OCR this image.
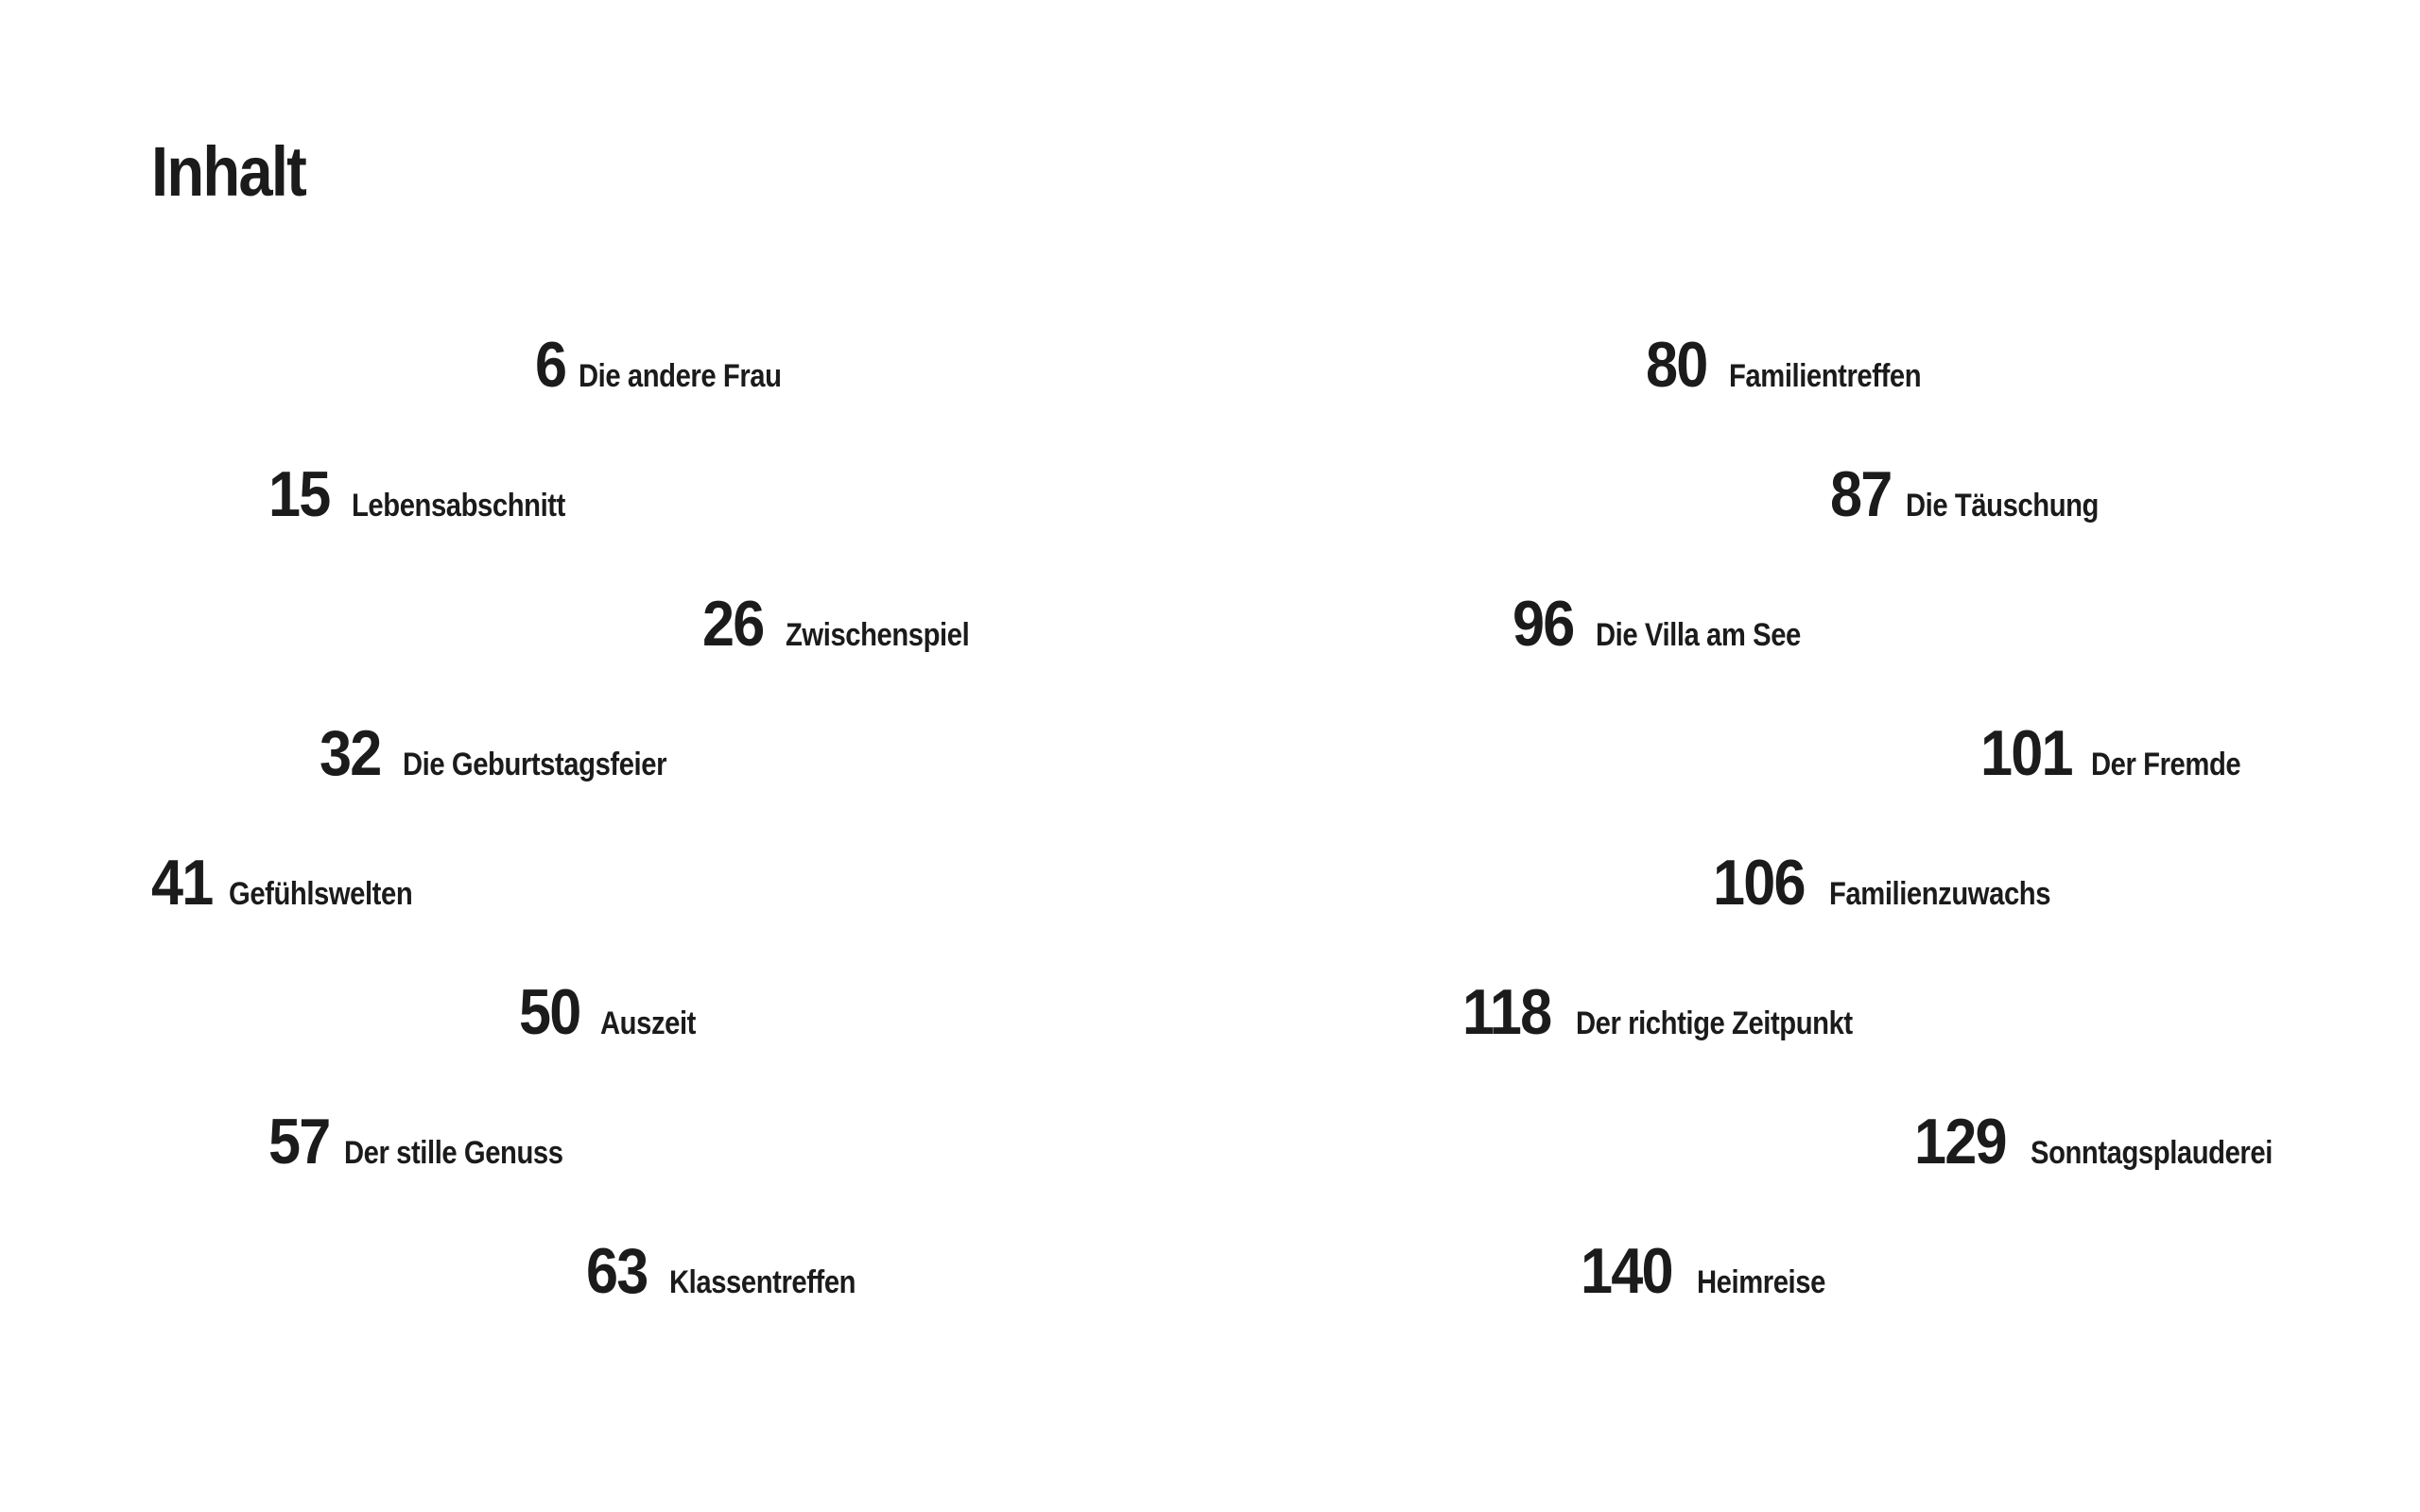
Inhalt
6 Die andere Frau
15 Lebensabschnitt
26 Zwischenspiel
32 Die Geburtstagsfeier
41 Gefühlswelten
50 Auszeit
57 Der stille Genuss
63 Klassentreffen
80 Familientreffen
87 Die Täuschung
96 Die Villa am See
101 Der Fremde
106 Familienzuwachs
118 Der richtige Zeitpunkt
129 Sonntagsplauderei
140 Heimreise
